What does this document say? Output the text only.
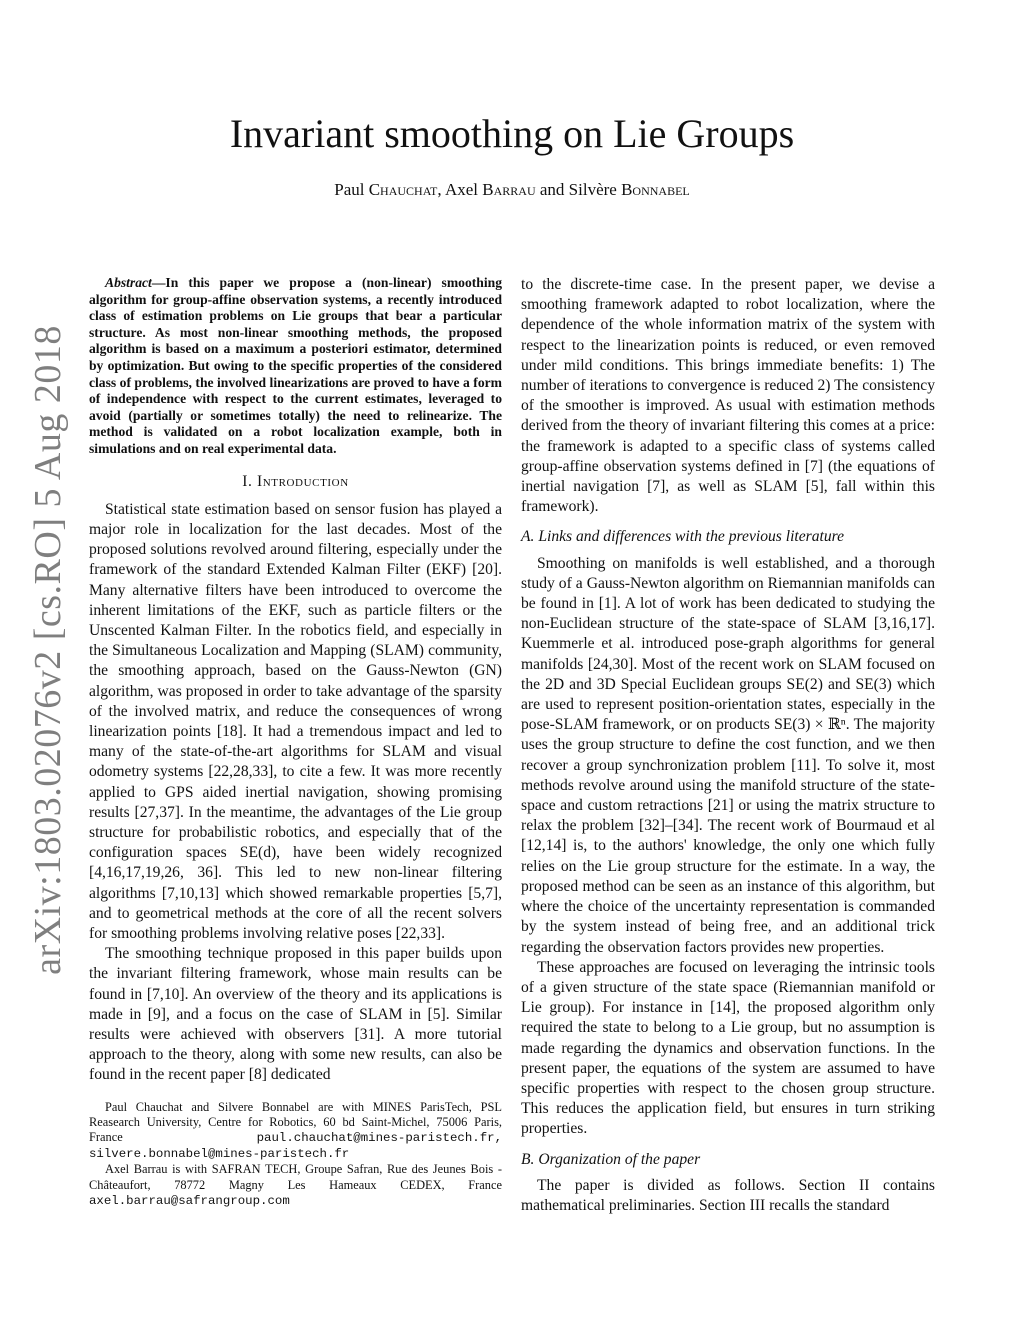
arXiv:1803.02076v2 [cs.RO] 5 Aug 2018
Invariant smoothing on Lie Groups
Paul Chauchat, Axel Barrau and Silvère Bonnabel

Abstract—In this paper we propose a (non-linear) smoothing algorithm for group-affine observation systems, a recently introduced class of estimation problems on Lie groups that bear a particular structure. As most non-linear smoothing methods, the proposed algorithm is based on a maximum a posteriori estimator, determined by optimization. But owing to the specific properties of the considered class of problems, the involved linearizations are proved to have a form of independence with respect to the current estimates, leveraged to avoid (partially or sometimes totally) the need to relinearize. The method is validated on a robot localization example, both in simulations and on real experimental data.

I. Introduction

Statistical state estimation based on sensor fusion has played a major role in localization for the last decades. Most of the proposed solutions revolved around filtering, especially under the framework of the standard Extended Kalman Filter (EKF) [20]. Many alternative filters have been introduced to overcome the inherent limitations of the EKF, such as particle filters or the Unscented Kalman Filter. In the robotics field, and especially in the Simultaneous Localization and Mapping (SLAM) community, the smoothing approach, based on the Gauss-Newton (GN) algorithm, was proposed in order to take advantage of the sparsity of the involved matrix, and reduce the consequences of wrong linearization points [18]. It had a tremendous impact and led to many of the state-of-the-art algorithms for SLAM and visual odometry systems [22,28,33], to cite a few. It was more recently applied to GPS aided inertial navigation, showing promising results [27,37]. In the meantime, the advantages of the Lie group structure for probabilistic robotics, and especially that of the configuration spaces SE(d), have been widely recognized [4,16,17,19,26, 36]. This led to new non-linear filtering algorithms [7,10,13] which showed remarkable properties [5,7], and to geometrical methods at the core of all the recent solvers for smoothing problems involving relative poses [22,33].

The smoothing technique proposed in this paper builds upon the invariant filtering framework, whose main results can be found in [7,10]. An overview of the theory and its applications is made in [9], and a focus on the case of SLAM in [5]. Similar results were achieved with observers [31]. A more tutorial approach to the theory, along with some new results, can also be found in the recent paper [8] dedicated

Paul Chauchat and Silvere Bonnabel are with MINES ParisTech, PSL Reasearch University, Centre for Robotics, 60 bd Saint-Michel, 75006 Paris, France paul.chauchat@mines-paristech.fr, silvere.bonnabel@mines-paristech.fr

Axel Barrau is with SAFRAN TECH, Groupe Safran, Rue des Jeunes Bois - Châteaufort, 78772 Magny Les Hameaux CEDEX, France axel.barrau@safrangroup.com

to the discrete-time case. In the present paper, we devise a smoothing framework adapted to robot localization, where the dependence of the whole information matrix of the system with respect to the linearization points is reduced, or even removed under mild conditions. This brings immediate benefits: 1) The number of iterations to convergence is reduced 2) The consistency of the smoother is improved. As usual with estimation methods derived from the theory of invariant filtering this comes at a price: the framework is adapted to a specific class of systems called group-affine observation systems defined in [7] (the equations of inertial navigation [7], as well as SLAM [5], fall within this framework).

A. Links and differences with the previous literature

Smoothing on manifolds is well established, and a thorough study of a Gauss-Newton algorithm on Riemannian manifolds can be found in [1]. A lot of work has been dedicated to studying the non-Euclidean structure of the state-space of SLAM [3,16,17]. Kuemmerle et al. introduced pose-graph algorithms for general manifolds [24,30]. Most of the recent work on SLAM focused on the 2D and 3D Special Euclidean groups SE(2) and SE(3) which are used to represent position-orientation states, especially in the pose-SLAM framework, or on products SE(3) × ℝⁿ. The majority uses the group structure to define the cost function, and we then recover a group synchronization problem [11]. To solve it, most methods revolve around using the manifold structure of the state-space and custom retractions [21] or using the matrix structure to relax the problem [32]–[34]. The recent work of Bourmaud et al [12,14] is, to the authors' knowledge, the only one which fully relies on the Lie group structure for the estimate. In a way, the proposed method can be seen as an instance of this algorithm, but where the choice of the uncertainty representation is commanded by the system instead of being free, and an additional trick regarding the observation factors provides new properties.

These approaches are focused on leveraging the intrinsic tools of a given structure of the state space (Riemannian manifold or Lie group). For instance in [14], the proposed algorithm only required the state to belong to a Lie group, but no assumption is made regarding the dynamics and observation functions. In the present paper, the equations of the system are assumed to have specific properties with respect to the chosen group structure. This reduces the application field, but ensures in turn striking properties.

B. Organization of the paper

The paper is divided as follows. Section II contains mathematical preliminaries. Section III recalls the standard
